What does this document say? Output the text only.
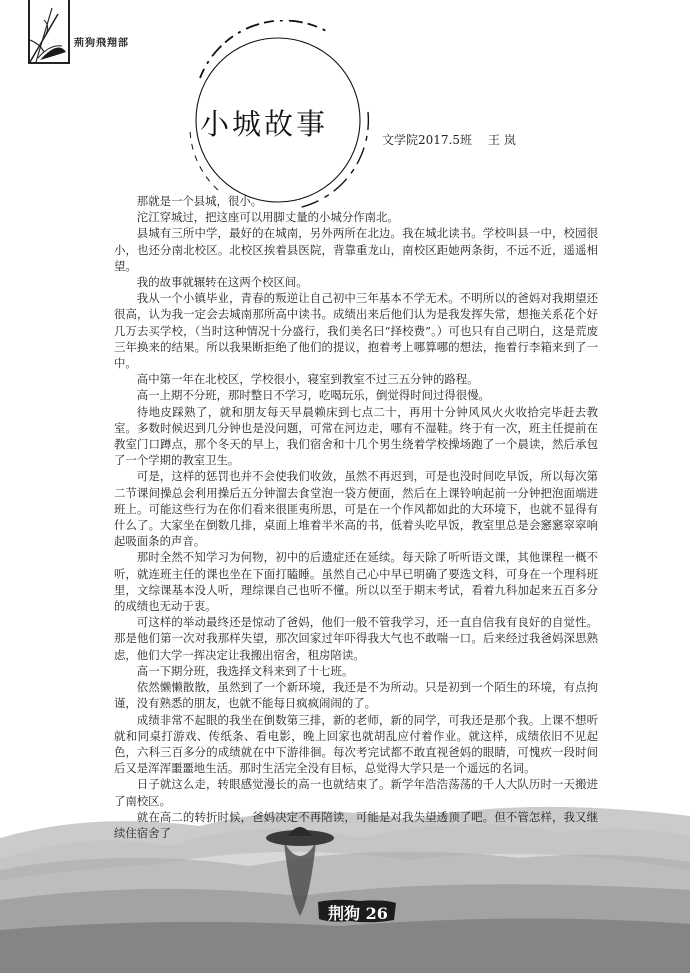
荊狗飛翔部
小城故事	文学院2017.5班 王 岚

那就是一个县城，很小。

沱江穿城过，把这座可以用脚丈量的小城分作南北。

县城有三所中学，最好的在城南，另外两所在北边。我在城北读书。学校叫县一中，校园很小，也还分南北校区。北校区挨着县医院，背靠重龙山，南校区距她两条街，不远不近，遥遥相望。

我的故事就辗转在这两个校区间。

我从一个小镇毕业，青春的叛逆让自己初中三年基本不学无术。不明所以的爸妈对我期望还很高，认为我一定会去城南那所高中读书。成绩出来后他们认为是我发挥失常，想拖关系花个好几万去买学校，（当时这种情况十分盛行，我们美名曰“择校费”。）可也只有自己明白，这是荒废三年换来的结果。所以我果断拒绝了他们的提议，抱着考上哪算哪的想法，拖着行李箱来到了一中。

高中第一年在北校区，学校很小，寝室到教室不过三五分钟的路程。

高一上期不分班，那时整日不学习，吃喝玩乐，倒觉得时间过得很慢。

待地皮踩熟了，就和朋友每天早晨赖床到七点二十，再用十分钟风风火火收拾完毕赶去教室。多数时候迟到几分钟也是没问题，可常在河边走，哪有不湿鞋。终于有一次，班主任提前在教室门口蹲点，那个冬天的早上，我们宿舍和十几个男生绕着学校操场跑了一个晨读，然后承包了一个学期的教室卫生。

可是，这样的惩罚也并不会使我们收敛，虽然不再迟到，可是也没时间吃早饭，所以每次第二节课间操总会利用操后五分钟溜去食堂泡一袋方便面，然后在上课铃响起前一分钟把泡面端进班上。可能这些行为在你们看来很匪夷所思，可是在一个作风都如此的大环境下，也就不显得有什么了。大家坐在倒数几排，桌面上堆着半米高的书，低着头吃早饭，教室里总是会窸窸窣窣响起吸面条的声音。

那时全然不知学习为何物，初中的后遗症还在延续。每天除了听听语文课，其他课程一概不听，就连班主任的课也坐在下面打瞌睡。虽然自己心中早已明确了要选文科，可身在一个理科班里，文综课基本没人听，理综课自己也听不懂。所以以至于期末考试，看着九科加起来五百多分的成绩也无动于衷。

可这样的举动最终还是惊动了爸妈，他们一般不管我学习，还一直自信我有良好的自觉性。那是他们第一次对我那样失望，那次回家过年吓得我大气也不敢喘一口。后来经过我爸妈深思熟虑，他们大学一挥决定让我搬出宿舍，租房陪读。

高一下期分班，我选择文科来到了十七班。

依然懒懒散散，虽然到了一个新环境，我还是不为所动。只是初到一个陌生的环境，有点拘谨，没有熟悉的朋友，也就不能每日疯疯闹闹的了。

成绩非常不起眼的我坐在倒数第三排，新的老师，新的同学，可我还是那个我。上课不想听就和同桌打游戏、传纸条、看电影，晚上回家也就胡乱应付着作业。就这样，成绩依旧不见起色，六科三百多分的成绩就在中下游徘徊。每次考完试都不敢直视爸妈的眼睛，可愧疚一段时间后又是浑浑噩噩地生活。那时生活完全没有目标，总觉得大学只是一个遥远的名词。

日子就这么走，转眼感觉漫长的高一也就结束了。新学年浩浩荡荡的千人大队历时一天搬进了南校区。

就在高二的转折时候，爸妈决定不再陪读，可能是对我失望透顶了吧。但不管怎样，我又继续住宿舍了

荆狗 26
